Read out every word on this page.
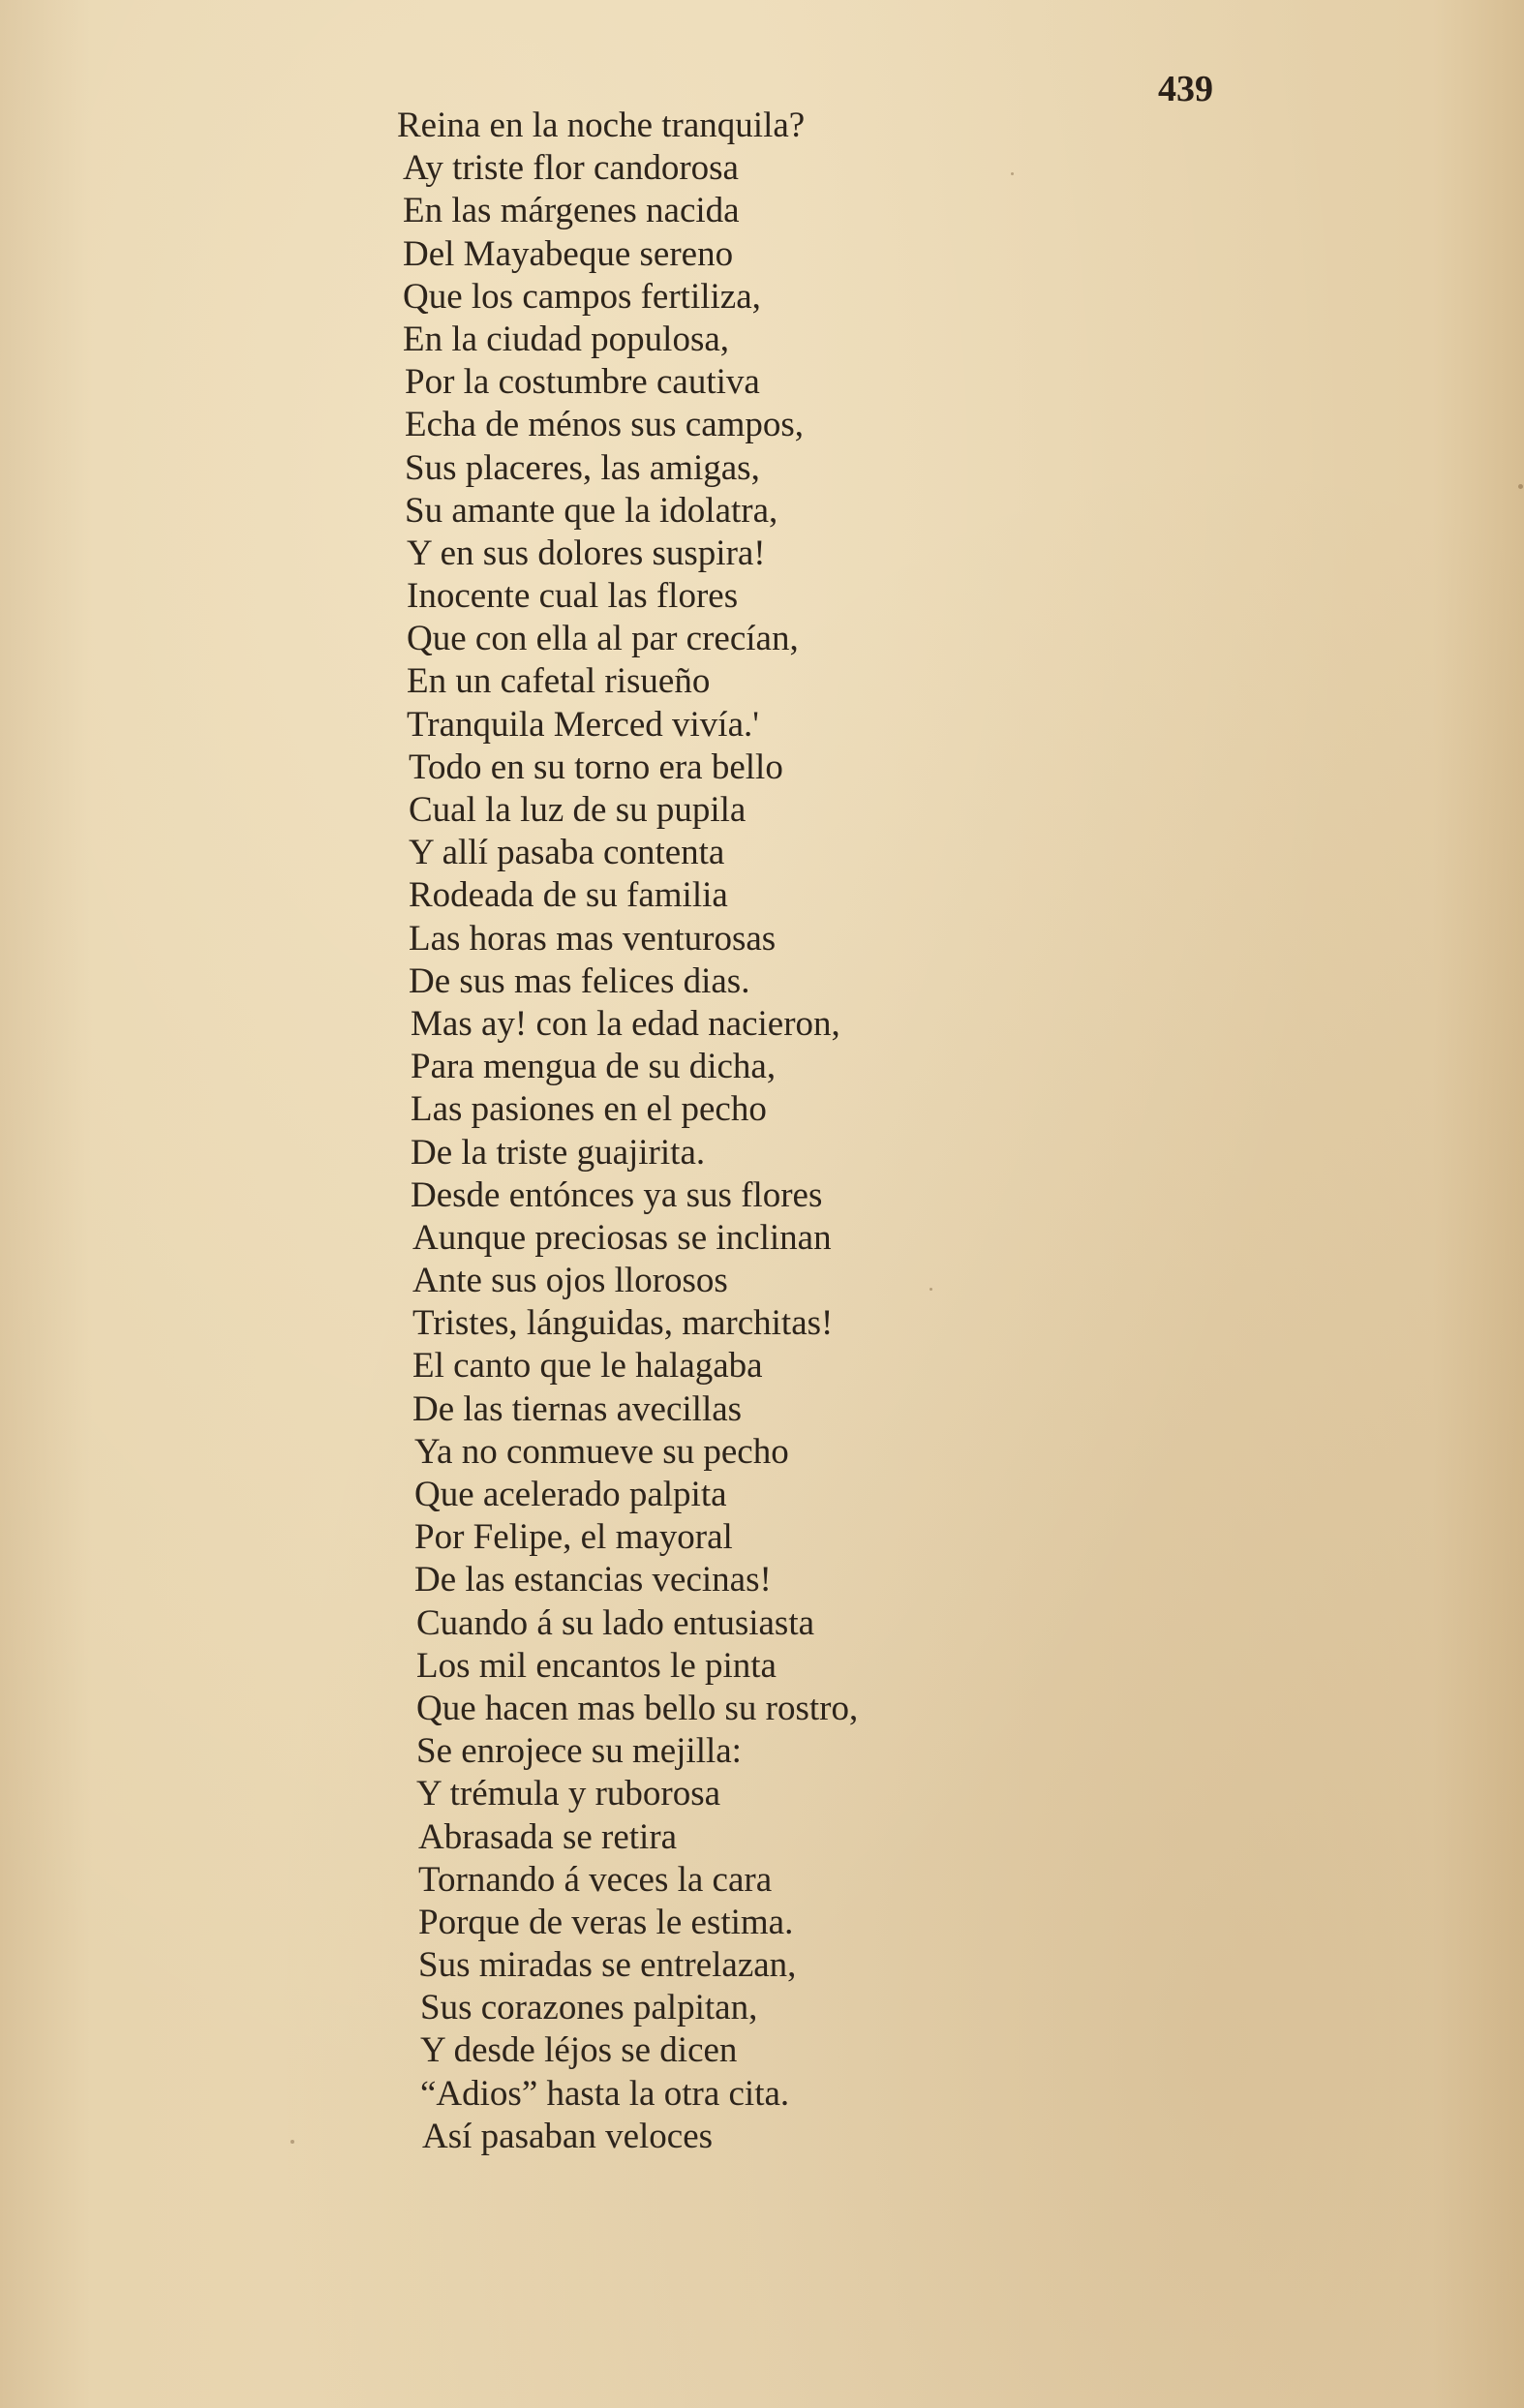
439
Reina en la noche tranquila?
Ay triste flor candorosa
En las márgenes nacida
Del Mayabeque sereno
Que los campos fertiliza,
En la ciudad populosa,
Por la costumbre cautiva
Echa de ménos sus campos,
Sus placeres, las amigas,
Su amante que la idolatra,
Y en sus dolores suspira!
Inocente cual las flores
Que con ella al par crecían,
En un cafetal risueño
Tranquila Merced vivía.'
Todo en su torno era bello
Cual la luz de su pupila
Y allí pasaba contenta
Rodeada de su familia
Las horas mas venturosas
De sus mas felices dias.
Mas ay! con la edad nacieron,
Para mengua de su dicha,
Las pasiones en el pecho
De la triste guajirita.
Desde entónces ya sus flores
Aunque preciosas se inclinan
Ante sus ojos llorosos
Tristes, lánguidas, marchitas!
El canto que le halagaba
De las tiernas avecillas
Ya no conmueve su pecho
Que acelerado palpita
Por Felipe, el mayoral
De las estancias vecinas!
Cuando á su lado entusiasta
Los mil encantos le pinta
Que hacen mas bello su rostro,
Se enrojece su mejilla:
Y trémula y ruborosa
Abrasada se retira
Tornando á veces la cara
Porque de veras le estima.
Sus miradas se entrelazan,
Sus corazones palpitan,
Y desde léjos se dicen
“Adios” hasta la otra cita.
Así pasaban veloces
